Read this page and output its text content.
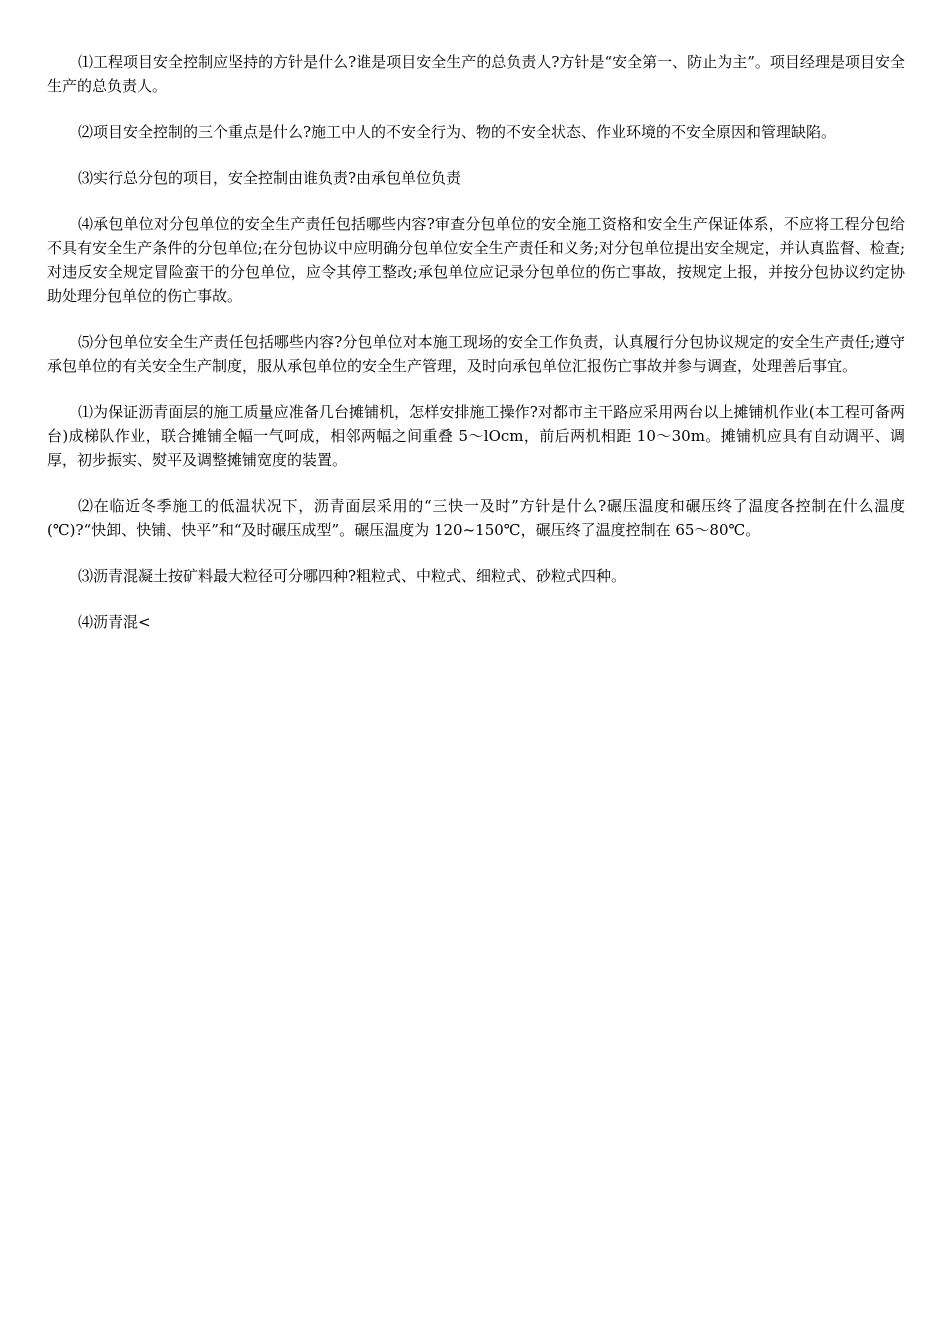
⑴工程项目安全控制应坚持的方针是什么?谁是项目安全生产的总负责人?方针是“安全第一、防止为主”。项目经理是项目安全生产的总负责人。

⑵项目安全控制的三个重点是什么?施工中人的不安全行为、物的不安全状态、作业环境的不安全原因和管理缺陷。

⑶实行总分包的项目，安全控制由谁负责?由承包单位负责

⑷承包单位对分包单位的安全生产责任包括哪些内容?审查分包单位的安全施工资格和安全生产保证体系，不应将工程分包给不具有安全生产条件的分包单位;在分包协议中应明确分包单位安全生产责任和义务;对分包单位提出安全规定，并认真监督、检查;对违反安全规定冒险蛮干的分包单位，应令其停工整改;承包单位应记录分包单位的伤亡事故，按规定上报，并按分包协议约定协助处理分包单位的伤亡事故。

⑸分包单位安全生产责任包括哪些内容?分包单位对本施工现场的安全工作负责，认真履行分包协议规定的安全生产责任;遵守承包单位的有关安全生产制度，服从承包单位的安全生产管理，及时向承包单位汇报伤亡事故并参与调查，处理善后事宜。

⑴为保证沥青面层的施工质量应准备几台摊铺机，怎样安排施工操作?对都市主干路应采用两台以上摊铺机作业(本工程可备两台)成梯队作业，联合摊铺全幅一气呵成，相邻两幅之间重叠 5～lOcm，前后两机相距 10～30m。摊铺机应具有自动调平、调厚，初步振实、熨平及调整摊铺宽度的装置。

⑵在临近冬季施工的低温状况下，沥青面层采用的“三快一及时”方针是什么?碾压温度和碾压终了温度各控制在什么温度(℃)?“快卸、快铺、快平”和“及时碾压成型”。碾压温度为 120~150℃，碾压终了温度控制在 65～80℃。

⑶沥青混凝土按矿料最大粒径可分哪四种?粗粒式、中粒式、细粒式、砂粒式四种。

⑷沥青混<
